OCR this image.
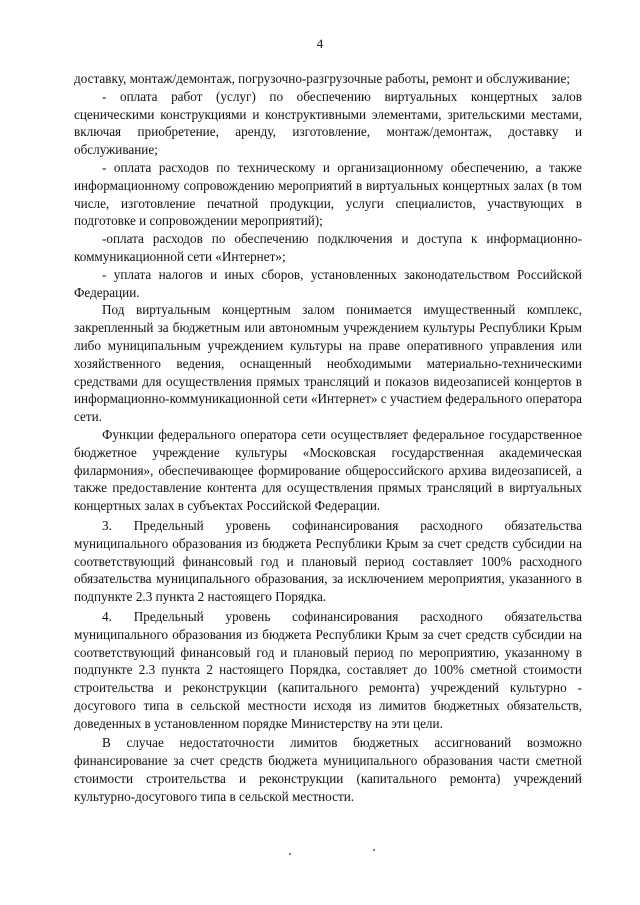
4

доставку, монтаж/демонтаж, погрузочно-разгрузочные работы, ремонт и обслуживание;

- оплата работ (услуг) по обеспечению виртуальных концертных залов сценическими конструкциями и конструктивными элементами, зрительскими местами, включая приобретение, аренду, изготовление, монтаж/демонтаж, доставку и обслуживание;

- оплата расходов по техническому и организационному обеспечению, а также информационному сопровождению мероприятий в виртуальных концертных залах (в том числе, изготовление печатной продукции, услуги специалистов, участвующих в подготовке и сопровождении мероприятий);

-оплата расходов по обеспечению подключения и доступа к информационно-коммуникационной сети «Интернет»;

- уплата налогов и иных сборов, установленных законодательством Российской Федерации.

Под виртуальным концертным залом понимается имущественный комплекс, закрепленный за бюджетным или автономным учреждением культуры Республики Крым либо муниципальным учреждением культуры на праве оперативного управления или хозяйственного ведения, оснащенный необходимыми материально-техническими средствами для осуществления прямых трансляций и показов видеозаписей концертов в информационно-коммуникационной сети «Интернет» с участием федерального оператора сети.

Функции федерального оператора сети осуществляет федеральное государственное бюджетное учреждение культуры «Московская государственная академическая филармония», обеспечивающее формирование общероссийского архива видеозаписей, а также предоставление контента для осуществления прямых трансляций в виртуальных концертных залах в субъектах Российской Федерации.

3. Предельный уровень софинансирования расходного обязательства муниципального образования из бюджета Республики Крым за счет средств субсидии на соответствующий финансовый год и плановый период составляет 100% расходного обязательства муниципального образования, за исключением мероприятия, указанного в подпункте 2.3 пункта 2 настоящего Порядка.

4. Предельный уровень софинансирования расходного обязательства муниципального образования из бюджета Республики Крым за счет средств субсидии на соответствующий финансовый год и плановый период по мероприятию, указанному в подпункте 2.3 пункта 2 настоящего Порядка, составляет до 100% сметной стоимости строительства и реконструкции (капитального ремонта) учреждений культурно - досугового типа в сельской местности исходя из лимитов бюджетных обязательств, доведенных в установленном порядке Министерству на эти цели.

В случае недостаточности лимитов бюджетных ассигнований возможно финансирование за счет средств бюджета муниципального образования части сметной стоимости строительства и реконструкции (капитального ремонта) учреждений культурно-досугового типа в сельской местности.
